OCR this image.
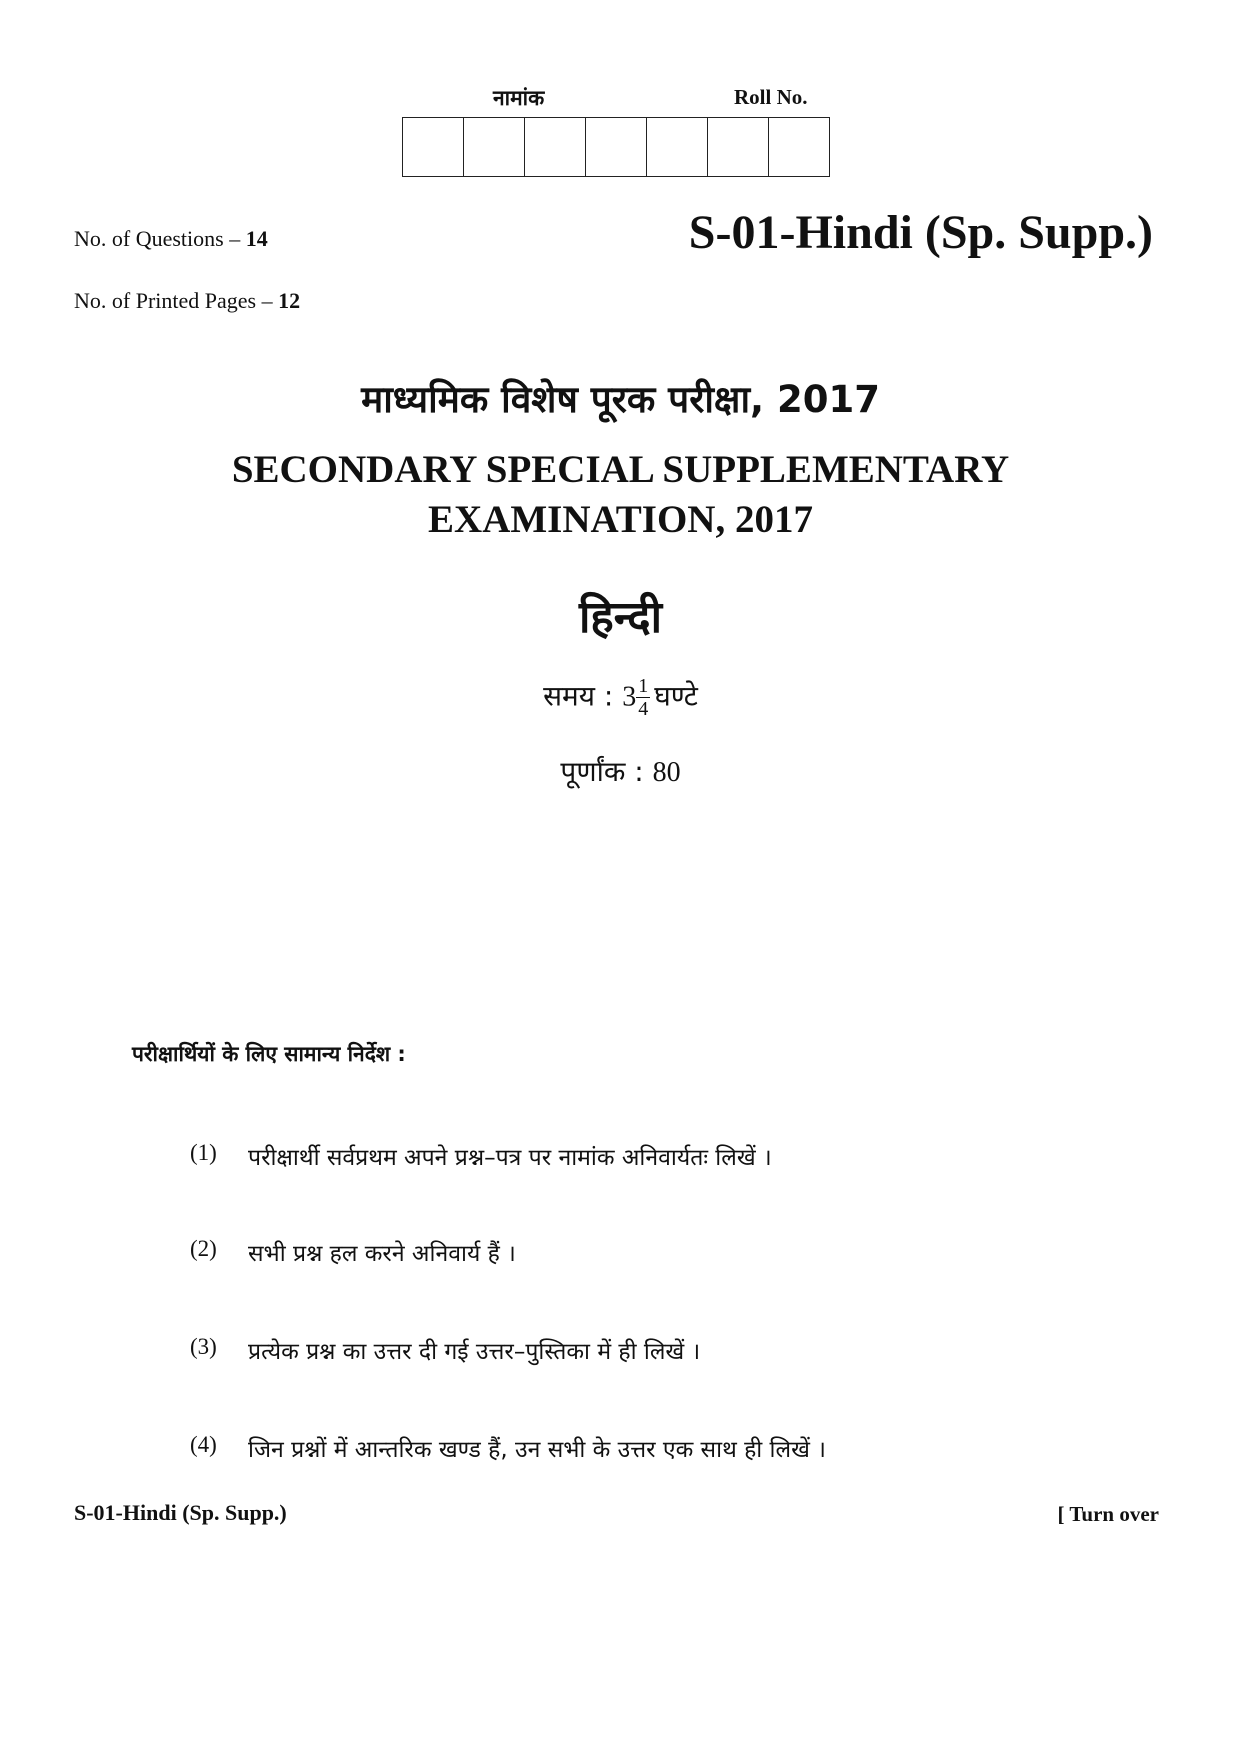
नामांक	Roll No.
No. of Questions – 14
No. of Printed Pages – 12
S-01-Hindi (Sp. Supp.)
माध्यमिक विशेष पूरक परीक्षा, 2017
SECONDARY SPECIAL SUPPLEMENTARY
EXAMINATION, 2017
हिन्दी
समय : $3 \frac{1}{4}$ घण्टे
पूर्णांक : 80
परीक्षार्थियों के लिए सामान्य निर्देश :
(1)	परीक्षार्थी सर्वप्रथम अपने प्रश्न–पत्र पर नामांक अनिवार्यतः लिखें ।
(2)	सभी प्रश्न हल करने अनिवार्य हैं ।
(3)	प्रत्येक प्रश्न का उत्तर दी गई उत्तर–पुस्तिका में ही लिखें ।
(4)	जिन प्रश्नों में आन्तरिक खण्ड हैं, उन सभी के उत्तर एक साथ ही लिखें ।
S-01-Hindi (Sp. Supp.)	[ Turn over
